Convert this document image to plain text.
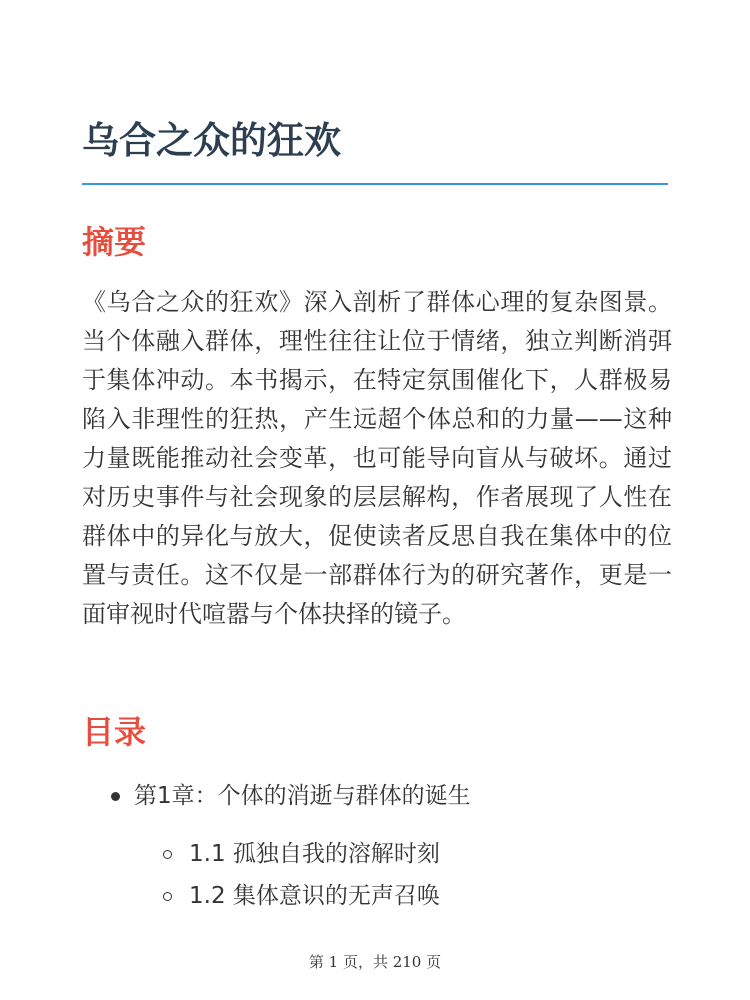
乌合之众的狂欢
摘要

《乌合之众的狂欢》深入剖析了群体心理的复杂图景。当个体融入群体，理性往往让位于情绪，独立判断消弭于集体冲动。本书揭示，在特定氛围催化下，人群极易陷入非理性的狂热，产生远超个体总和的力量——这种力量既能推动社会变革，也可能导向盲从与破坏。通过对历史事件与社会现象的层层解构，作者展现了人性在群体中的异化与放大，促使读者反思自我在集体中的位置与责任。这不仅是一部群体行为的研究著作，更是一面审视时代喧嚣与个体抉择的镜子。

目录
第1章：个体的消逝与群体的诞生
1.1 孤独自我的溶解时刻
1.2 集体意识的无声召唤
第 1 页，共 210 页
